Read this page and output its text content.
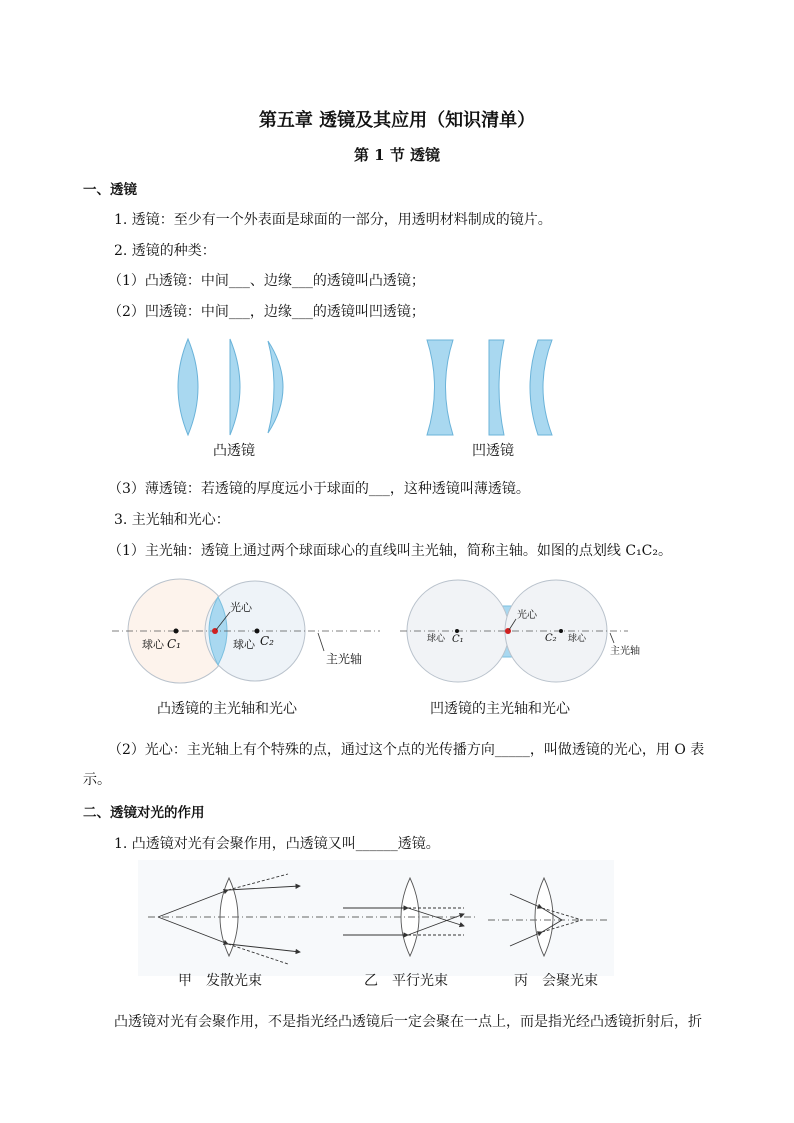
第五章 透镜及其应用（知识清单）
第 1 节 透镜
一、透镜
1. 透镜：至少有一个外表面是球面的一部分，用透明材料制成的镜片。
2. 透镜的种类：
（1）凸透镜：中间___、边缘___的透镜叫凸透镜；
（2）凹透镜：中间___，边缘___的透镜叫凹透镜；
凸透镜	凹透镜
（3）薄透镜：若透镜的厚度远小于球面的___，这种透镜叫薄透镜。
3. 主光轴和光心：
（1）主光轴：透镜上通过两个球面球心的直线叫主光轴，简称主轴。如图的点划线 C₁C₂。
光心
球心 C₁	球心 C₂
主光轴
光心
球心 C₁	C₂ 球心
主光轴
凸透镜的主光轴和光心	凹透镜的主光轴和光心
（2）光心：主光轴上有个特殊的点，通过这个点的光传播方向_____，叫做透镜的光心，用 O 表
示。
二、透镜对光的作用
1. 凸透镜对光有会聚作用，凸透镜又叫______透镜。
甲　发散光束	乙　平行光束	丙　会聚光束
凸透镜对光有会聚作用，不是指光经凸透镜后一定会聚在一点上，而是指光经凸透镜折射后，折
